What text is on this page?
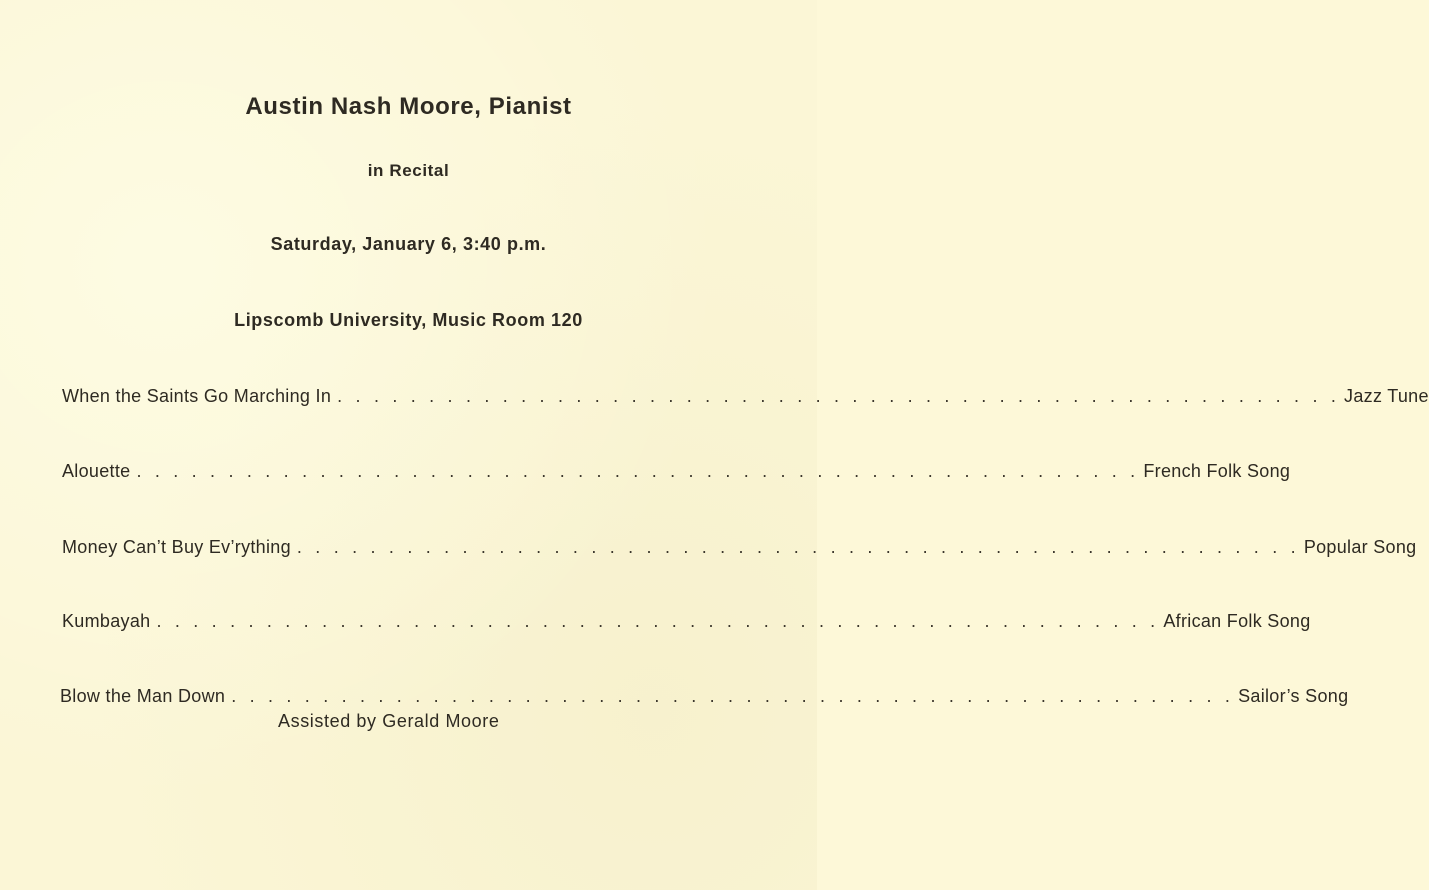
Austin Nash Moore, Pianist
in Recital
Saturday, January 6, 3:40 p.m.
Lipscomb University, Music Room 120
When the Saints Go Marching In . . . . . . . . . . . . . . . . . . . . . . . . . . . . . . . . . . . . . . . . . . . . . . . . . . . . . . . Jazz Tune
Alouette . . . . . . . . . . . . . . . . . . . . . . . . . . . . . . . . . . . . . . . . . . . . . . . . . . . . . . . French Folk Song
Money Can’t Buy Ev’rything . . . . . . . . . . . . . . . . . . . . . . . . . . . . . . . . . . . . . . . . . . . . . . . . . . . . . . . Popular Song
Kumbayah . . . . . . . . . . . . . . . . . . . . . . . . . . . . . . . . . . . . . . . . . . . . . . . . . . . . . . . African Folk Song
Blow the Man Down . . . . . . . . . . . . . . . . . . . . . . . . . . . . . . . . . . . . . . . . . . . . . . . . . . . . . . . Sailor’s Song
Assisted by Gerald Moore
